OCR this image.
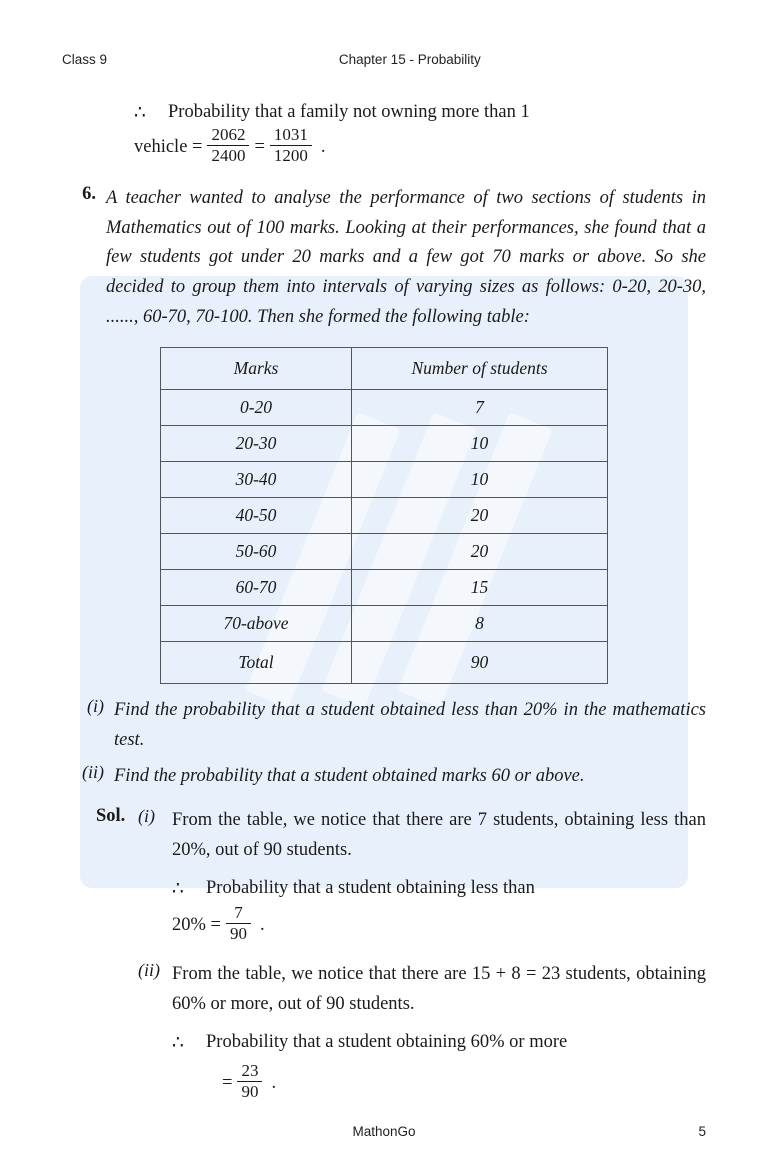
Class 9	Chapter 15 - Probability
∴	Probability that a family not owning more than 1
vehicle = $\frac{2062}{2400} = \frac{1031}{1200}$ .
6. A teacher wanted to analyse the performance of two sections of students in Mathematics out of 100 marks. Looking at their performances, she found that a few students got under 20 marks and a few got 70 marks or above. So she decided to group them into intervals of varying sizes as follows: 0-20, 20-30, ......, 60-70, 70-100. Then she formed the following table:
Marks	Number of students
0-20	7
20-30	10
30-40	10
40-50	20
50-60	20
60-70	15
70-above	8
Total	90
(i) Find the probability that a student obtained less than 20% in the mathematics test.
(ii) Find the probability that a student obtained marks 60 or above.
Sol. (i) From the table, we notice that there are 7 students, obtaining less than 20%, out of 90 students.
∴	Probability that a student obtaining less than
$20\% = \frac{7}{90}$ .
(ii) From the table, we notice that there are 15 + 8 = 23 students, obtaining 60% or more, out of 90 students.
∴	Probability that a student obtaining 60% or more
= $\frac{23}{90}$ .
MathonGo	5
